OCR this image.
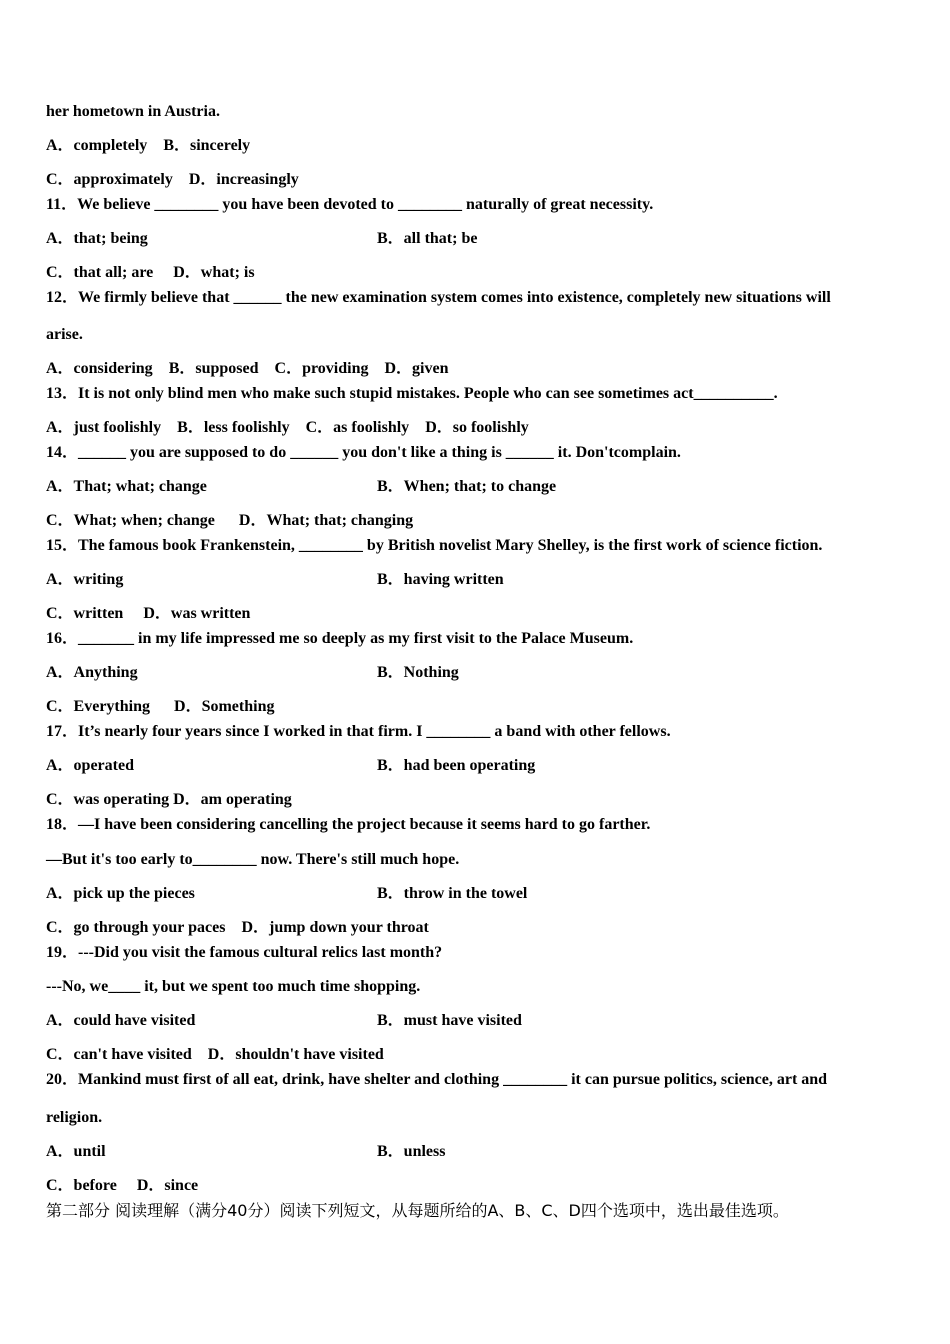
her hometown in Austria.
A．completely B．sincerely
C．approximately D．increasingly
11．We believe ________ you have been devoted to ________ naturally of great necessity.
A．that; being	B．all that; be
C．that all; are D．what; is
12．We firmly believe that ______ the new examination system comes into existence, completely new situations will
arise.
A．considering B．supposed C．providing D．given
13．It is not only blind men who make such stupid mistakes. People who can see sometimes act__________.
A．just foolishly B．less foolishly C．as foolishly D．so foolishly
14．______ you are supposed to do ______ you don't like a thing is ______ it. Don'tcomplain.
A．That; what; change	B．When; that; to change
C．What; when; change D．What; that; changing
15．The famous book Frankenstein, ________ by British novelist Mary Shelley, is the first work of science fiction.
A．writing	B．having written
C．written D．was written
16．_______ in my life impressed me so deeply as my first visit to the Palace Museum.
A．Anything	B．Nothing
C．Everything D．Something
17．It’s nearly four years since I worked in that firm. I ________ a band with other fellows.
A．operated	B．had been operating
C．was operating D．am operating
18．—I have been considering cancelling the project because it seems hard to go farther.
—But it's too early to________ now. There's still much hope.
A．pick up the pieces	B．throw in the towel
C．go through your paces D．jump down your throat
19．---Did you visit the famous cultural relics last month?
---No, we____ it, but we spent too much time shopping.
A．could have visited	B．must have visited
C．can't have visited D．shouldn't have visited
20．Mankind must first of all eat, drink, have shelter and clothing ________ it can pursue politics, science, art and
religion.
A．until	B．unless
C．before D．since
第二部分 阅读理解（满分40分）阅读下列短文，从每题所给的A、B、C、D四个选项中，选出最佳选项。
